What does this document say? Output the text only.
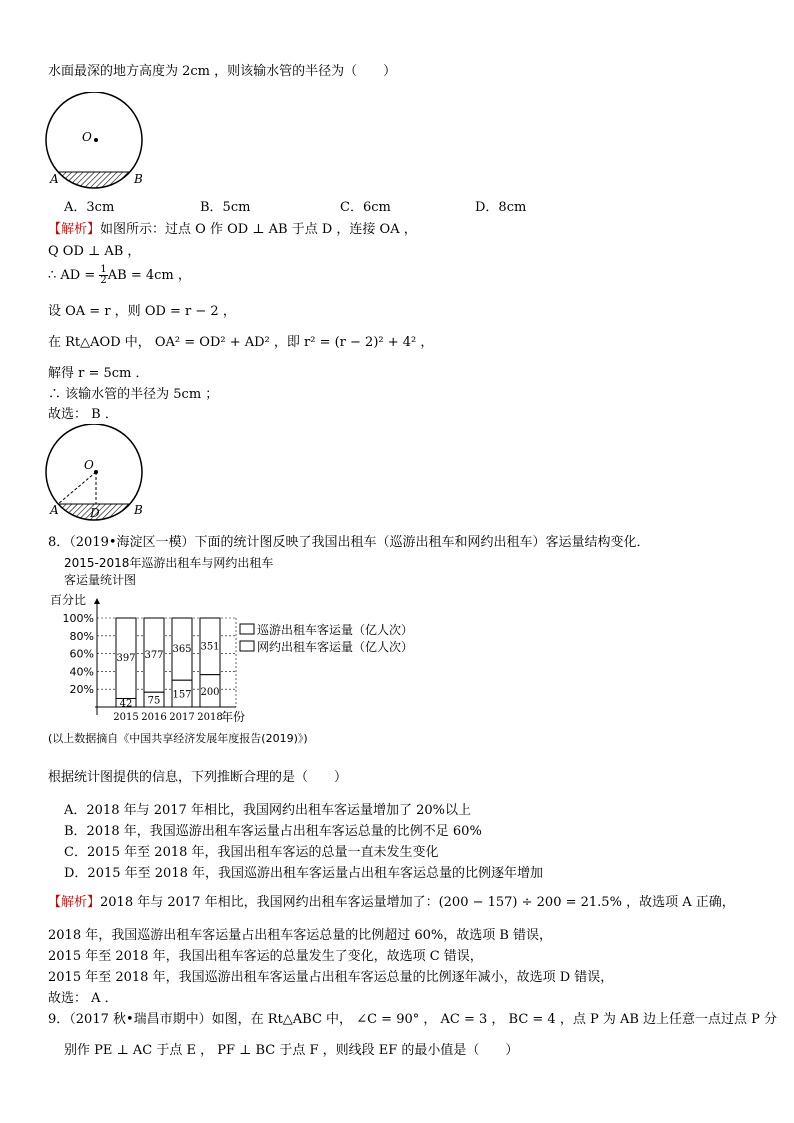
水面最深的地方高度为 2cm ，则该输水管的半径为（　　）
O
A	B
A．3cm	B．5cm	C．6cm	D．8cm
【解析】如图所示：过点 O 作 OD ⊥ AB 于点 D ，连接 OA ，
Q OD ⊥ AB ，
∴ AD = $\frac{1}{2}$ AB = 4cm ，
设 OA = r ，则 OD = r − 2 ，
在 Rt△AOD 中， OA² = OD² + AD² ，即 r² = (r − 2)² + 4² ，
解得 r = 5cm ．
∴ 该输水管的半径为 5cm ；
故选： B ．
O
D
A	B
8．（2019•海淀区一模）下面的统计图反映了我国出租车（巡游出租车和网约出租车）客运量结构变化．
2015-2018年巡游出租车与网约出租车
客运量统计图
百分比
20%
40%
60%
80%
100%
397
42
2015
377
75
2016
365
157
2017
351
200
2018
年份
巡游出租车客运量（亿人次）
网约出租车客运量（亿人次）
(以上数据摘自《中国共享经济发展年度报告(2019)》)
根据统计图提供的信息，下列推断合理的是（　　）
A．2018 年与 2017 年相比，我国网约出租车客运量增加了 20%以上
B．2018 年，我国巡游出租车客运量占出租车客运总量的比例不足 60%
C．2015 年至 2018 年，我国出租车客运的总量一直未发生变化
D．2015 年至 2018 年，我国巡游出租车客运量占出租车客运总量的比例逐年增加
【解析】2018 年与 2017 年相比，我国网约出租车客运量增加了：(200 − 157) ÷ 200 = 21.5% ，故选项 A 正确，
2018 年，我国巡游出租车客运量占出租车客运总量的比例超过 60%，故选项 B 错误，
2015 年至 2018 年，我国出租车客运的总量发生了变化，故选项 C 错误，
2015 年至 2018 年，我国巡游出租车客运量占出租车客运总量的比例逐年减小，故选项 D 错误，
故选： A ．
9．（2017 秋•瑞昌市期中）如图，在 Rt△ABC 中， ∠C = 90° ， AC = 3 ， BC = 4 ，点 P 为 AB 边上任意一点过点 P 分
别作 PE ⊥ AC 于点 E ， PF ⊥ BC 于点 F ，则线段 EF 的最小值是（　　）
